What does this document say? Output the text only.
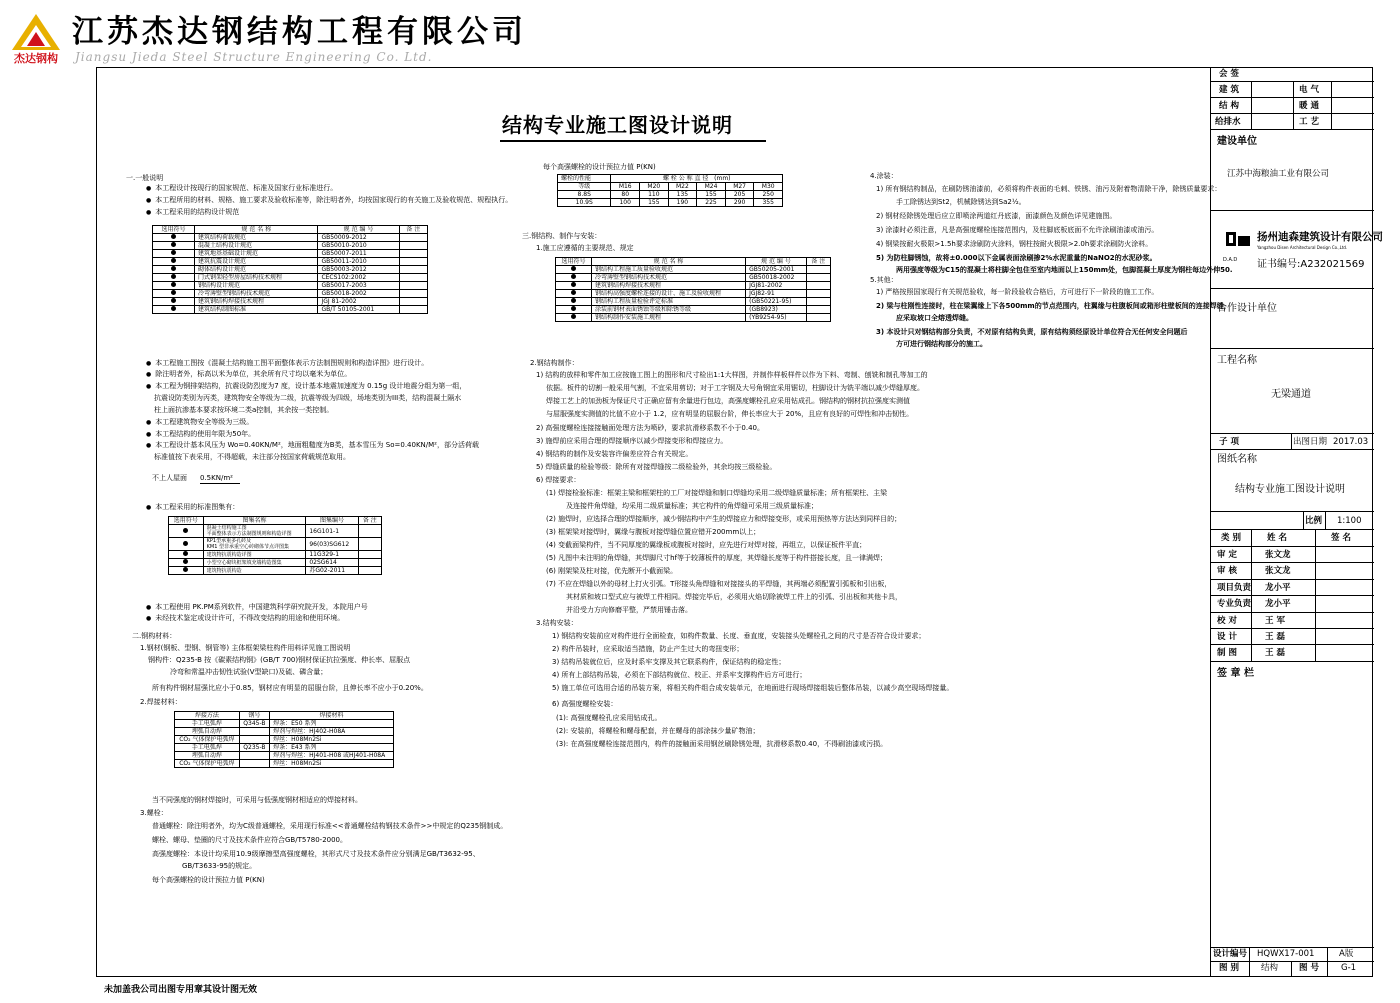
杰达钢构
江苏杰达钢结构工程有限公司
Jiangsu Jieda Steel Structure Engineering Co. Ltd.
结构专业施工图设计说明
一.一般说明
● 本工程设计按现行的国家规范、标准及国家行业标准进行。
● 本工程所用的材料、规格、施工要求及验收标准等，除注明者外，均按国家现行的有关施工及验收规范、规程执行。
● 本工程采用的结构设计规范
选用符号	规 范 名 称	规 范 编 号	备 注
	建筑结构荷载规范	GB50009-2012	
	混凝土结构设计规范	GB50010-2010	
	建筑地基基础设计规范	GB50007-2011	
	建筑抗震设计规范	GB50011-2010	
	砌体结构设计规范	GB50003-2012	
	门式钢架轻型房屋结构技术规程	CECS102:2002	
	钢结构设计规范	GB50017-2003	
	冷弯薄壁型钢结构技术规范	GB50018-2002	
	建筑钢结构焊接技术规程	JGJ 81-2002	
	建筑结构制图标准	GB/T 50105-2001	
● 本工程施工图按《混凝土结构施工图平面整体表示方法制图规则和构造详图》进行设计。
● 除注明者外，标高以米为单位，其余所有尺寸均以毫米为单位。
● 本工程为钢排架结构，抗震设防烈度为7 度，设计基本地震加速度为 0.15g 设计地震分组为第一组，
抗震设防类别为丙类，建筑物安全等级为二级，抗震等级为四级，场地类别为III类，结构混凝土隔水
柱上面抗渗基本要求按环境二类a控制，其余按一类控制。
● 本工程建筑物安全等级为三级。
● 本工程结构的使用年限为50年。
● 本工程设计基本风压为 Wo=0.40KN/M²，地面粗糙度为B类，基本雪压为 So=0.40KN/M²，部分活荷载
标准值按下表采用，不得超载，未注部分按国家荷载规范取用。
不上人屋面 0.5KN/m²
● 本工程采用的标准图集有：
选用符号	图集名称	图集编号	备 注

	混凝土结构施工图
平面整体表示方法制图规则和构造详图	16G101-1	

	KP1型承重多孔砖及
KM1 型非承重空心砖砌体节点详图集	96(03)SG612	

	建筑物抗震构造详图	11G329-1	

	小型空心砌块框架填充墙构造图集	02SG614	

	建筑物抗震构造	苏G02-2011	
● 本工程使用 PK.PM系列软件，中国建筑科学研究院开发，本院用户号
● 未经技术鉴定或设计许可，不得改变结构的用途和使用环境。
二.钢构材料：
1.钢材(钢板、型钢、钢管等) 主体框架梁柱构件用料详见施工图说明
钢构件：Q235-B 按《碳素结构钢》(GB/T 700)钢材保证抗拉强度、伸长率、屈服点
冷弯和常温冲击韧性试验(V型缺口)及硫、磷含量；
所有构件钢材屈强比应小于0.85，钢材应有明显的屈服台阶，且伸长率不应小于0.20%。
2.焊接材料：
焊接方法	钢号	焊接材料
手工电弧焊	Q345-B	焊条：E50 系列
埋弧自动焊		焊剂与焊丝：HJ402-H08A
CO₂ 气体保护电弧焊		焊丝：H08Mn2Si
手工电弧焊	Q235-B	焊条：E43 系列
埋弧自动焊		焊剂与焊丝：HJ401-H08 或HJ401-H08A
CO₂ 气体保护电弧焊		焊丝：H08Mn2Si
当不同强度的钢材焊接时，可采用与低强度钢材相适应的焊接材料。
3.螺栓：
普通螺栓：除注明者外，均为C级普通螺栓，采用现行标准<<普通螺栓结构钢技术条件>>中规定的Q235钢制成。
螺栓、螺母、垫圈的尺寸及技术条件应符合GB/T5780-2000。
高强度螺栓：本设计均采用10.9级摩擦型高强度螺栓，其形式尺寸及技术条件应分别满足GB/T3632-95、
GB/T3633-95的规定。
每个高强螺栓的设计预拉力值 P(KN)
每个高强螺栓的设计预拉力值 P(KN)
螺栓的性能	螺 栓 公 称 直 径 (mm)					
等级	M16	M20	M22	M24	M27	M30
8.8S	80	110	135	155	205	250
10.9S	100	155	190	225	290	355
三.钢结构、制作与安装：
1.施工应遵循的主要规范、规定
选用符号	规 范 名 称	规 范 编 号	备 注
	钢结构工程施工质量验收规范	GB50205-2001	
	冷弯薄壁型钢结构技术规范	GB50018-2002	
	建筑钢结构焊接技术规程	JGJ81-2002	
	钢结构高强度螺栓连接的设计、施工及验收规程	JGJ82-91	
	钢结构工程质量检验评定标准	(GB50221-95)	
	涂装前钢材表面锈蚀等级和除锈等级	(GB8923)	
	钢结构制作安装施工规程	(YB9254-95)	
2.钢结构制作：
1) 结构的放样和零件加工应按施工图上的图形和尺寸检出1:1大样图，并制作样板样件以作为下料、弯制、刨铣和制孔等加工的
依据。板件的切割一般采用气割，不宜采用剪切；对于工字钢及大号角钢宜采用锯切，柱脚设计为铣平端以减少焊缝厚度。
焊接工艺上的加劲板为保证尺寸正确应留有余量进行包边，高强度螺栓孔应采用钻成孔。钢结构的钢材抗拉强度实测值
与屈服强度实测值的比值不应小于 1.2，应有明显的屈服台阶，伸长率应大于 20%，且应有良好的可焊性和冲击韧性。
2) 高强度螺栓连接接触面处理方法为喷砂，要求抗滑移系数不小于0.40。
3) 施焊前应采用合理的焊接顺序以减少焊接变形和焊接应力。
4) 钢结构的制作及安装容许偏差应符合有关规定。
5) 焊缝质量的检验等级：除所有对接焊缝按二级检验外，其余均按三级检验。
6) 焊接要求：
(1) 焊接检验标准：框架主梁和框架柱的工厂对接焊缝和制口焊缝均采用二级焊缝质量标准；所有框架柱、主梁
及连接件角焊缝，均采用二级质量标准；其它构件的角焊缝可采用三级质量标准；
(2) 施焊时，应选择合理的焊接顺序，减少钢结构中产生的焊接应力和焊接变形，或采用预热等方法达到同样目的；
(3) 框架梁对接焊时，翼缘与腹板对接焊缝位置应错开200mm以上；
(4) 变截面梁构件，当不同厚度的翼缘板或腹板对接时，应先进行对焊对接，再组立，以保证板件平直；
(5) 凡图中未注明的角焊缝，其焊脚尺寸hf等于较薄板件的厚度，其焊缝长度等于构件搭接长度，且一律满焊；
(6) 刚架梁及柱对接，优先断开小截面梁。
(7) 不应在焊缝以外的母材上打火引弧。T形接头角焊缝和对接接头的平焊缝，其两端必须配置引弧板和引出板，
其材质和坡口型式应与被焊工件相同。焊接完毕后，必须用火焰切除被焊工件上的引弧、引出板和其他卡具，
并沿受力方向修磨平整，严禁用锤击落。
3.结构安装：
1) 钢结构安装前应对构件进行全面检查，如构件数量、长度、垂直度，安装接头处螺栓孔之间的尺寸是否符合设计要求；
2) 构件吊装时，应采取适当措施，防止产生过大的弯扭变形；
3) 结构吊装就位后，应及时系牢支撑及其它联系构件，保证结构的稳定性；
4) 所有上部结构吊装，必须在下部结构就位、校正、并系牢支撑构件后方可进行；
5) 施工单位可选用合适的吊装方案，将相关构件组合成安装单元，在地面进行现场焊接组装后整体吊装，以减少高空现场焊接量。
6) 高强度螺栓安装：
(1): 高强度螺栓孔应采用钻成孔。
(2): 安装前，将螺栓和螺母配套，并在螺母的部涂抹少量矿物油；
(3): 在高强度螺栓连接范围内，构件的接触面采用钢丝刷除锈处理，抗滑移系数0.40，不得刷油漆或污损。
4.涂装：
1) 所有钢结构制品，在刷防锈油漆前，必须将构件表面的毛刺、铁锈、油污及附着物清除干净，除锈质量要求：
手工除锈达到St2，机械除锈达到Sa2½。
2) 钢材经除锈处理后应立即喷涂两道红丹底漆，面漆颜色及颜色详见建施图。
3) 涂漆时必须注意，凡是高强度螺栓连接范围内，及柱脚底板底面不允许涂刷油漆或油污。
4) 钢梁按耐火极限>1.5h要求涂刷防火涂料，钢柱按耐火极限>2.0h要求涂刷防火涂料。
5) 为防柱脚锈蚀，故将±0.000以下金属表面涂刷掺2%水泥重量的NaNO2的水泥砂浆。
两用强度等级为C15的混凝土将柱脚全包住至室内地面以上150mm处，包脚混凝土厚度为钢柱每边外伸50.
5.其他：
1) 严格按照国家现行有关规范验收，每一阶段验收合格后，方可进行下一阶段的施工工作。
2) 梁与柱刚性连接时，柱在梁翼缘上下各500mm的节点范围内，柱翼缘与柱腹板间或箱形柱壁板间的连接焊缝，
应采取坡口全熔透焊缝。
3) 本设计只对钢结构部分负责，不对原有结构负责，原有结构须经原设计单位符合无任何安全问题后
方可进行钢结构部分的施工。
会 签
建 筑	电 气
结 构	暖 通
给排水	工 艺
建设单位
江苏中海粮油工业有限公司
D.A.D
扬州迪森建筑设计有限公司
Yangzhou Disen Architectural Design Co.,Ltd.
证书编号:A232021569
合作设计单位
工程名称
无梁通道
子 项	出图日期 2017.03
图纸名称
结构专业施工图设计说明
比例 1:100
类 别	姓 名	签 名
审 定	张文龙
审 核	张文龙
项目负责 龙小平
专业负责 龙小平
校 对	王 军
设 计	王 磊
制 图	王 磊
签 章 栏
设计编号 HQWX17-001	A版
图 别	结构 图 号	G-1
未加盖我公司出图专用章其设计图无效
